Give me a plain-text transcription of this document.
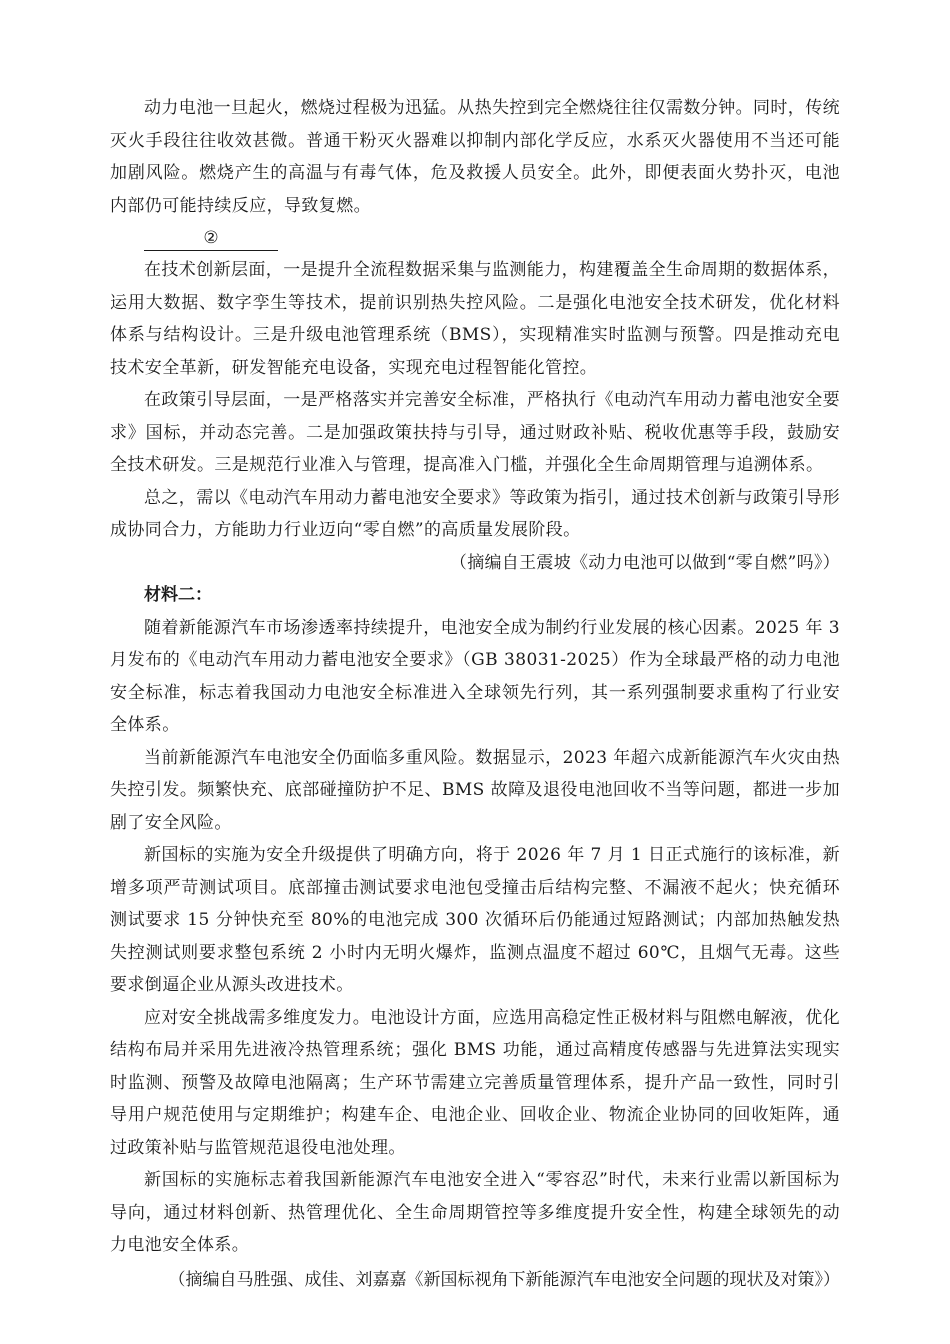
动力电池一旦起火，燃烧过程极为迅猛。从热失控到完全燃烧往往仅需数分钟。同时，传统灭火手段往往收效甚微。普通干粉灭火器难以抑制内部化学反应，水系灭火器使用不当还可能加剧风险。燃烧产生的高温与有毒气体，危及救援人员安全。此外，即便表面火势扑灭，电池内部仍可能持续反应，导致复燃。

②

在技术创新层面，一是提升全流程数据采集与监测能力，构建覆盖全生命周期的数据体系，运用大数据、数字孪生等技术，提前识别热失控风险。二是强化电池安全技术研发，优化材料体系与结构设计。三是升级电池管理系统（BMS），实现精准实时监测与预警。四是推动充电技术安全革新，研发智能充电设备，实现充电过程智能化管控。

在政策引导层面，一是严格落实并完善安全标准，严格执行《电动汽车用动力蓄电池安全要求》国标，并动态完善。二是加强政策扶持与引导，通过财政补贴、税收优惠等手段，鼓励安全技术研发。三是规范行业准入与管理，提高准入门槛，并强化全生命周期管理与追溯体系。

总之，需以《电动汽车用动力蓄电池安全要求》等政策为指引，通过技术创新与政策引导形成协同合力，方能助力行业迈向“零自燃”的高质量发展阶段。

（摘编自王震坡《动力电池可以做到“零自燃”吗》）

材料二：

随着新能源汽车市场渗透率持续提升，电池安全成为制约行业发展的核心因素。2025 年 3 月发布的《电动汽车用动力蓄电池安全要求》（GB 38031-2025）作为全球最严格的动力电池安全标准，标志着我国动力电池安全标准进入全球领先行列，其一系列强制要求重构了行业安全体系。

当前新能源汽车电池安全仍面临多重风险。数据显示，2023 年超六成新能源汽车火灾由热失控引发。频繁快充、底部碰撞防护不足、BMS 故障及退役电池回收不当等问题，都进一步加剧了安全风险。

新国标的实施为安全升级提供了明确方向，将于 2026 年 7 月 1 日正式施行的该标准，新增多项严苛测试项目。底部撞击测试要求电池包受撞击后结构完整、不漏液不起火；快充循环测试要求 15 分钟快充至 80%的电池完成 300 次循环后仍能通过短路测试；内部加热触发热失控测试则要求整包系统 2 小时内无明火爆炸，监测点温度不超过 60℃，且烟气无毒。这些要求倒逼企业从源头改进技术。

应对安全挑战需多维度发力。电池设计方面，应选用高稳定性正极材料与阻燃电解液，优化结构布局并采用先进液冷热管理系统；强化 BMS 功能，通过高精度传感器与先进算法实现实时监测、预警及故障电池隔离；生产环节需建立完善质量管理体系，提升产品一致性，同时引导用户规范使用与定期维护；构建车企、电池企业、回收企业、物流企业协同的回收矩阵，通过政策补贴与监管规范退役电池处理。

新国标的实施标志着我国新能源汽车电池安全进入“零容忍”时代，未来行业需以新国标为导向，通过材料创新、热管理优化、全生命周期管控等多维度提升安全性，构建全球领先的动力电池安全体系。

（摘编自马胜强、成佳、刘嘉嘉《新国标视角下新能源汽车电池安全问题的现状及对策》）
